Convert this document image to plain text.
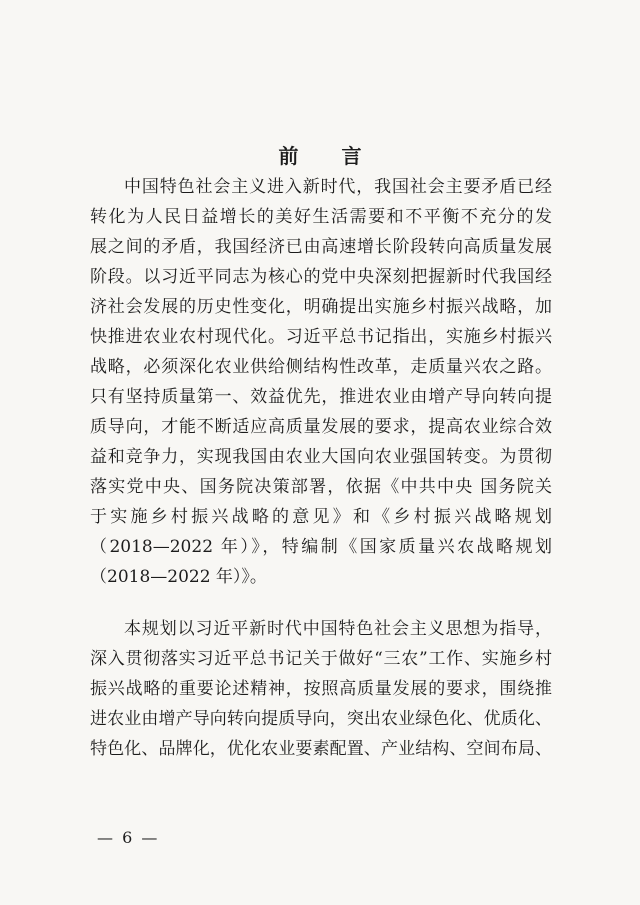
前 言
中国特色社会主义进入新时代，我国社会主要矛盾已经
转化为人民日益增长的美好生活需要和不平衡不充分的发
展之间的矛盾，我国经济已由高速增长阶段转向高质量发展
阶段。以习近平同志为核心的党中央深刻把握新时代我国经
济社会发展的历史性变化，明确提出实施乡村振兴战略，加
快推进农业农村现代化。习近平总书记指出，实施乡村振兴
战略，必须深化农业供给侧结构性改革，走质量兴农之路。
只有坚持质量第一、效益优先，推进农业由增产导向转向提
质导向，才能不断适应高质量发展的要求，提高农业综合效
益和竞争力，实现我国由农业大国向农业强国转变。为贯彻
落实党中央、国务院决策部署，依据《中共中央 国务院关
于实施乡村振兴战略的意见》和《乡村振兴战略规划
（2018—2022 年）》，特编制《国家质量兴农战略规划
（2018—2022 年）》。
本规划以习近平新时代中国特色社会主义思想为指导，
深入贯彻落实习近平总书记关于做好“三农”工作、实施乡村
振兴战略的重要论述精神，按照高质量发展的要求，围绕推
进农业由增产导向转向提质导向，突出农业绿色化、优质化、
特色化、品牌化，优化农业要素配置、产业结构、空间布局、
— 6 —
